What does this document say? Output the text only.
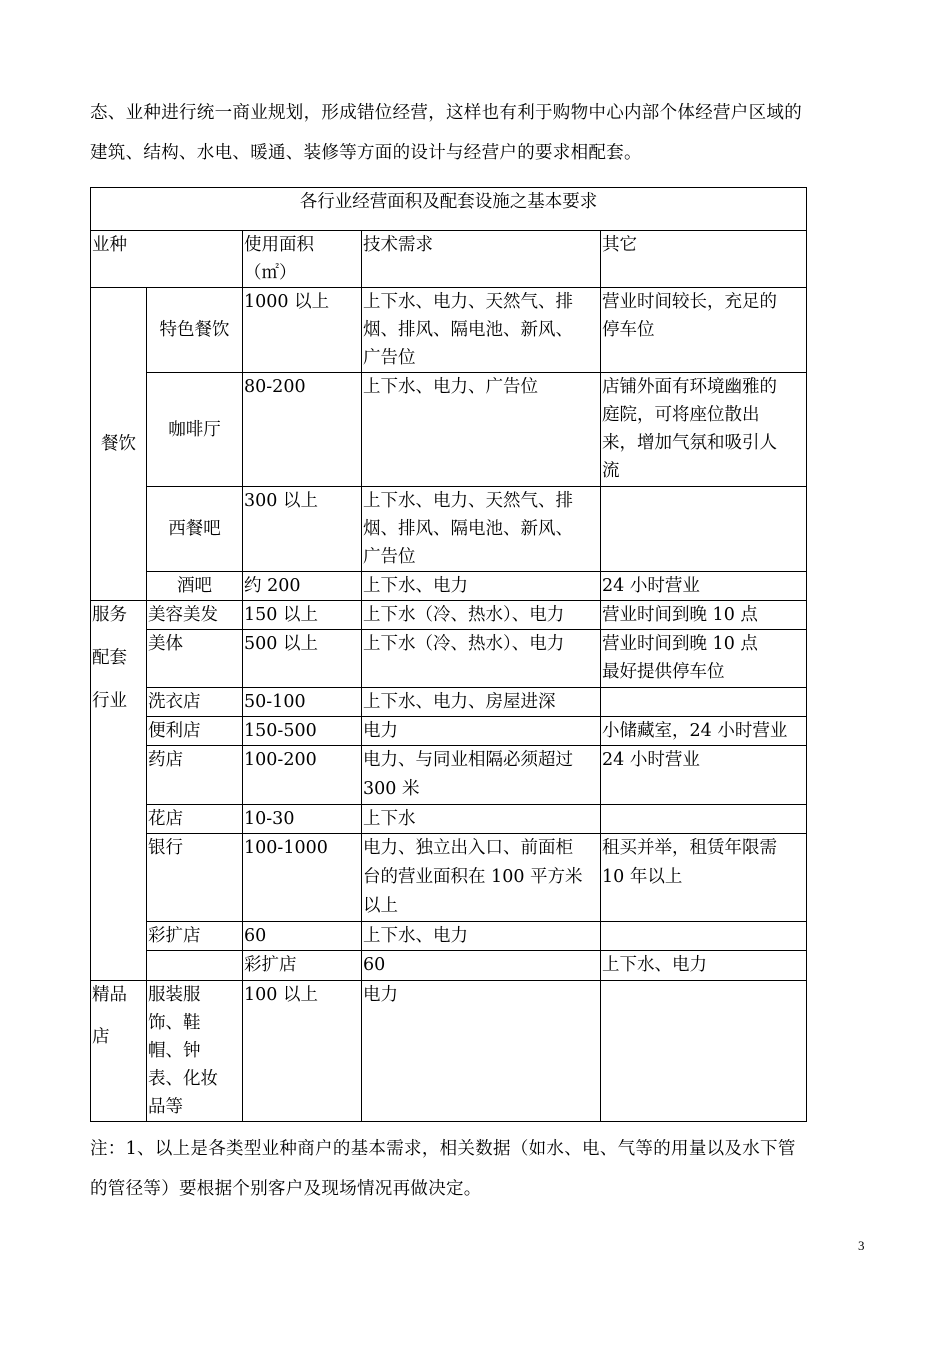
态、业种进行统一商业规划，形成错位经营，这样也有利于购物中心内部个体经营户区域的
建筑、结构、水电、暖通、装修等方面的设计与经营户的要求相配套。
各行业经营面积及配套设施之基本要求					
业种		使用面积
（㎡）	技术需求	其它	
餐饮	特色餐饮	1000 以上	上下水、电力、天然气、排
烟、排风、隔电池、新风、
广告位	营业时间较长，充足的
停车位	

	咖啡厅	80-200	上下水、电力、广告位	店铺外面有环境幽雅的
庭院，可将座位散出
来，增加气氛和吸引人
流	

	西餐吧	300 以上	上下水、电力、天然气、排
烟、排风、隔电池、新风、
广告位		

	酒吧	约 200	上下水、电力	24 小时营业	

服务
配套
行业	美容美发	150 以上	上下水（冷、热水）、电力	营业时间到晚 10 点	
	美体	500 以上	上下水（冷、热水）、电力	营业时间到晚 10 点
最好提供停车位	

	洗衣店	50-100	上下水、电力、房屋进深		
	便利店	150-500	电力	小储藏室，24 小时营业	
	药店	100-200	电力、与同业相隔必须超过
300 米	24 小时营业	
	花店	10-30	上下水		
	银行	100-1000	电力、独立出入口、前面柜
台的营业面积在 100 平方米
以上	租买并举，租赁年限需
10 年以上	

	彩扩店	60	上下水、电力		
		彩扩店	60	上下水、电力	

精品
店	服装服
饰、鞋
帽、钟
表、化妆
品等	100 以上	电力		
注：1、以上是各类型业种商户的基本需求，相关数据（如水、电、气等的用量以及水下管
的管径等）要根据个别客户及现场情况再做决定。
3
